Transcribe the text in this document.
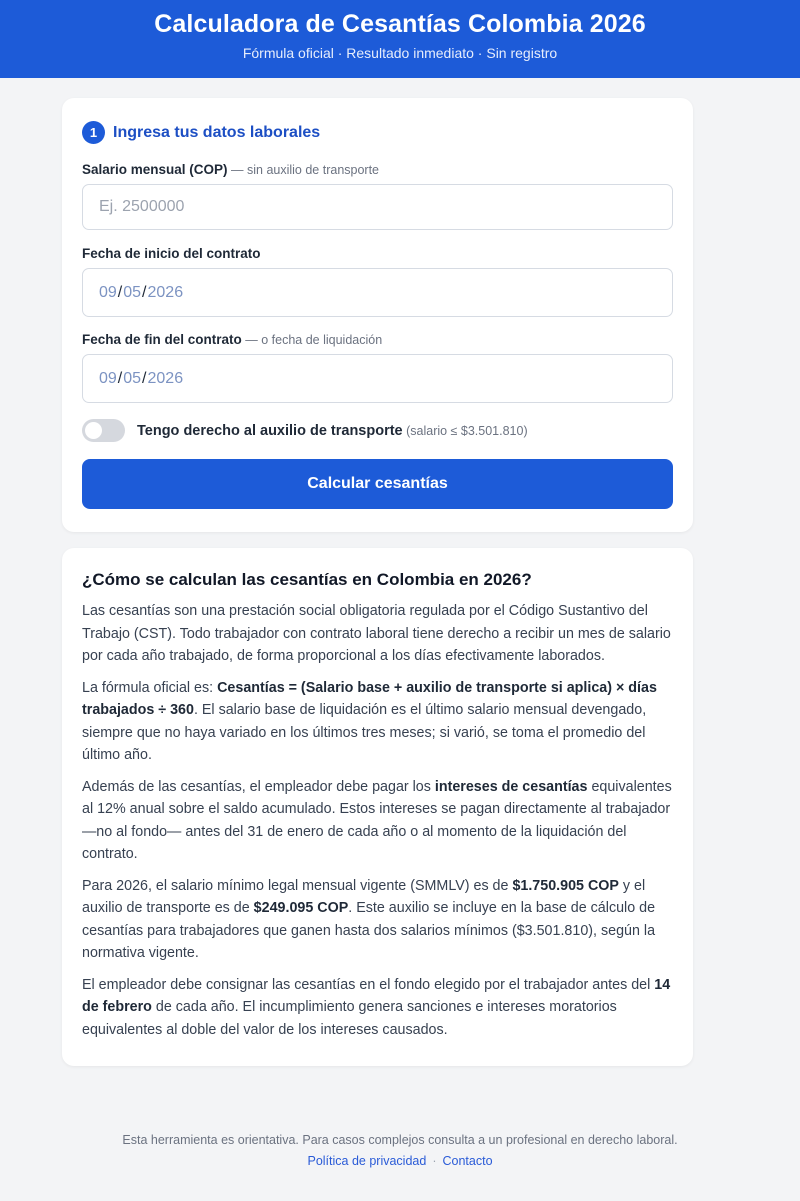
Calculadora de Cesantías Colombia 2026
Fórmula oficial · Resultado inmediato · Sin registro
1 Ingresa tus datos laborales
Salario mensual (COP) — sin auxilio de transporte
Ej. 2500000
Fecha de inicio del contrato
09 / 05 / 2026
Fecha de fin del contrato — o fecha de liquidación
09 / 05 / 2026
Tengo derecho al auxilio de transporte (salario ≤ $3.501.810)
Calcular cesantías
¿Cómo se calculan las cesantías en Colombia en 2026?

Las cesantías son una prestación social obligatoria regulada por el Código Sustantivo del Trabajo (CST). Todo trabajador con contrato laboral tiene derecho a recibir un mes de salario por cada año trabajado, de forma proporcional a los días efectivamente laborados.

La fórmula oficial es: Cesantías = (Salario base + auxilio de transporte si aplica) × días trabajados ÷ 360. El salario base de liquidación es el último salario mensual devengado, siempre que no haya variado en los últimos tres meses; si varió, se toma el promedio del último año.

Además de las cesantías, el empleador debe pagar los intereses de cesantías equivalentes al 12% anual sobre el saldo acumulado. Estos intereses se pagan directamente al trabajador —no al fondo— antes del 31 de enero de cada año o al momento de la liquidación del contrato.

Para 2026, el salario mínimo legal mensual vigente (SMMLV) es de $1.750.905 COP y el auxilio de transporte es de $249.095 COP. Este auxilio se incluye en la base de cálculo de cesantías para trabajadores que ganen hasta dos salarios mínimos ($3.501.810), según la normativa vigente.

El empleador debe consignar las cesantías en el fondo elegido por el trabajador antes del 14 de febrero de cada año. El incumplimiento genera sanciones e intereses moratorios equivalentes al doble del valor de los intereses causados.

Esta herramienta es orientativa. Para casos complejos consulta a un profesional en derecho laboral.
Política de privacidad · Contacto
